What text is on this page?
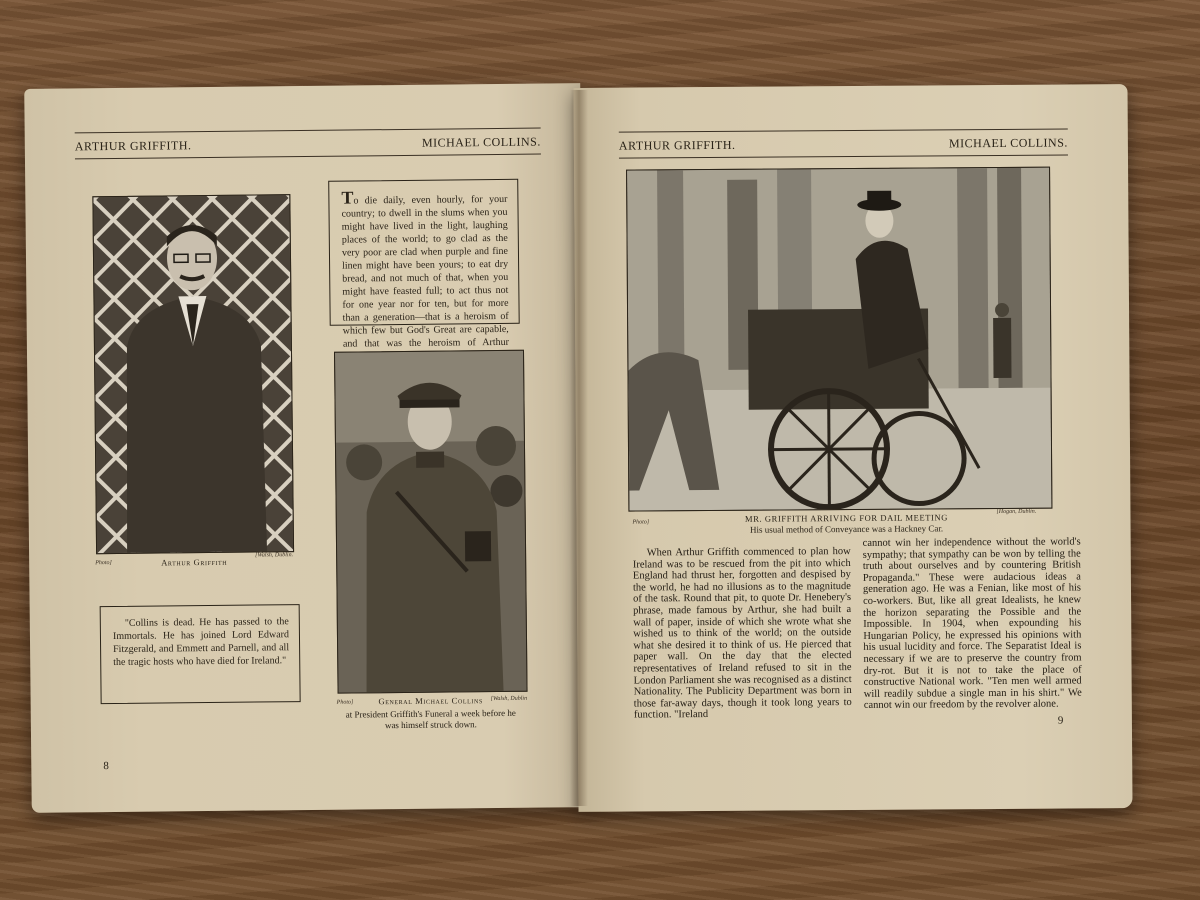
ARTHUR GRIFFITH.	MICHAEL COLLINS.
Photo]	Arthur Griffith
[Walsh, Dublin.
To die daily, even hourly, for your country; to dwell in the slums when you might have lived in the light, laughing places of the world; to go clad as the very poor are clad when purple and fine linen might have been yours; to eat dry bread, and not much of that, when you might have feasted full; to act thus not for one year nor for ten, but for more than a generation—that is a heroism of which few but God's Great are capable, and that was the heroism of Arthur
Photo]	General Michael Collins	[Walsh, Dublin
at President Griffith's Funeral a week before he was himself struck down.
"Collins is dead. He has passed to the Immortals. He has joined Lord Edward Fitzgerald, and Emmett and Parnell, and all the tragic hosts who have died for Ireland."
8
ARTHUR GRIFFITH.	MICHAEL COLLINS.
Photo]	MR. GRIFFITH ARRIVING FOR DAIL MEETING
[Hogan, Dublin.
His usual method of Conveyance was a Hackney Car.
When Arthur Griffith commenced to plan how Ireland was to be rescued from the pit into which England had thrust her, forgotten and despised by the world, he had no illusions as to the magnitude of the task. Round that pit, to quote Dr. Henebery's phrase, made famous by Arthur, she had built a wall of paper, inside of which she wrote what she wished us to think of the world; on the outside what she desired it to think of us. He pierced that paper wall. On the day that the elected representatives of Ireland refused to sit in the London Parliament she was recognised as a distinct Nationality. The Publicity Department was born in those far-away days, though it took long years to function. "Ireland
cannot win her independence without the world's sympathy; that sympathy can be won by telling the truth about ourselves and by countering British Propaganda." These were audacious ideas a generation ago. He was a Fenian, like most of his co-workers. But, like all great Idealists, he knew the horizon separating the Possible and the Impossible. In 1904, when expounding his Hungarian Policy, he expressed his opinions with his usual lucidity and force. The Separatist Ideal is necessary if we are to preserve the country from dry-rot. But it is not to take the place of constructive National work. "Ten men well armed will readily subdue a single man in his shirt." We cannot win our freedom by the revolver alone.
9
